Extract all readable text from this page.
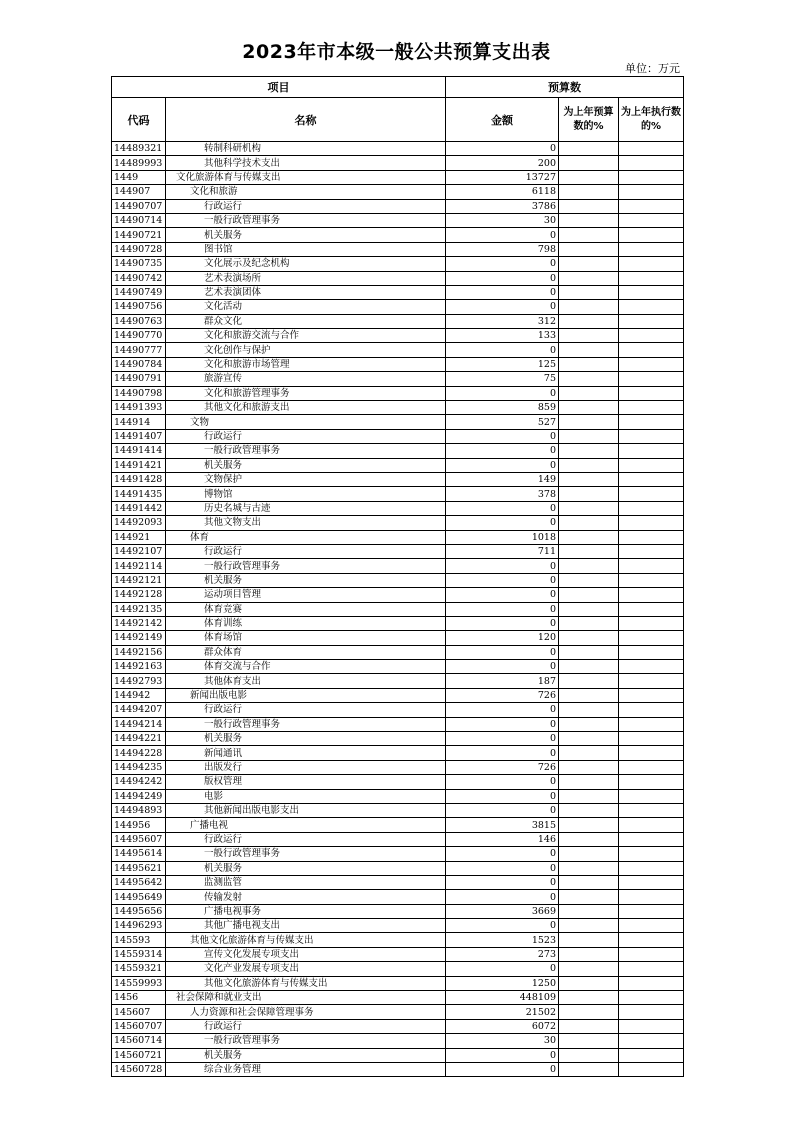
2023年市本级一般公共预算支出表
单位：万元
项目		预算数		
代码	名称	金额	为上年预算数的%	为上年执行数的%
14489321	转制科研机构	0		
14489993	其他科学技术支出	200		
1449	文化旅游体育与传媒支出	13727		
144907	文化和旅游	6118		
14490707	行政运行	3786		
14490714	一般行政管理事务	30		
14490721	机关服务	0		
14490728	图书馆	798		
14490735	文化展示及纪念机构	0		
14490742	艺术表演场所	0		
14490749	艺术表演团体	0		
14490756	文化活动	0		
14490763	群众文化	312		
14490770	文化和旅游交流与合作	133		
14490777	文化创作与保护	0		
14490784	文化和旅游市场管理	125		
14490791	旅游宣传	75		
14490798	文化和旅游管理事务	0		
14491393	其他文化和旅游支出	859		
144914	文物	527		
14491407	行政运行	0		
14491414	一般行政管理事务	0		
14491421	机关服务	0		
14491428	文物保护	149		
14491435	博物馆	378		
14491442	历史名城与古迹	0		
14492093	其他文物支出	0		
144921	体育	1018		
14492107	行政运行	711		
14492114	一般行政管理事务	0		
14492121	机关服务	0		
14492128	运动项目管理	0		
14492135	体育竞赛	0		
14492142	体育训练	0		
14492149	体育场馆	120		
14492156	群众体育	0		
14492163	体育交流与合作	0		
14492793	其他体育支出	187		
144942	新闻出版电影	726		
14494207	行政运行	0		
14494214	一般行政管理事务	0		
14494221	机关服务	0		
14494228	新闻通讯	0		
14494235	出版发行	726		
14494242	版权管理	0		
14494249	电影	0		
14494893	其他新闻出版电影支出	0		
144956	广播电视	3815		
14495607	行政运行	146		
14495614	一般行政管理事务	0		
14495621	机关服务	0		
14495642	监测监管	0		
14495649	传输发射	0		
14495656	广播电视事务	3669		
14496293	其他广播电视支出	0		
145593	其他文化旅游体育与传媒支出	1523		
14559314	宣传文化发展专项支出	273		
14559321	文化产业发展专项支出	0		
14559993	其他文化旅游体育与传媒支出	1250		
1456	社会保障和就业支出	448109		
145607	人力资源和社会保障管理事务	21502		
14560707	行政运行	6072		
14560714	一般行政管理事务	30		
14560721	机关服务	0		
14560728	综合业务管理	0		
